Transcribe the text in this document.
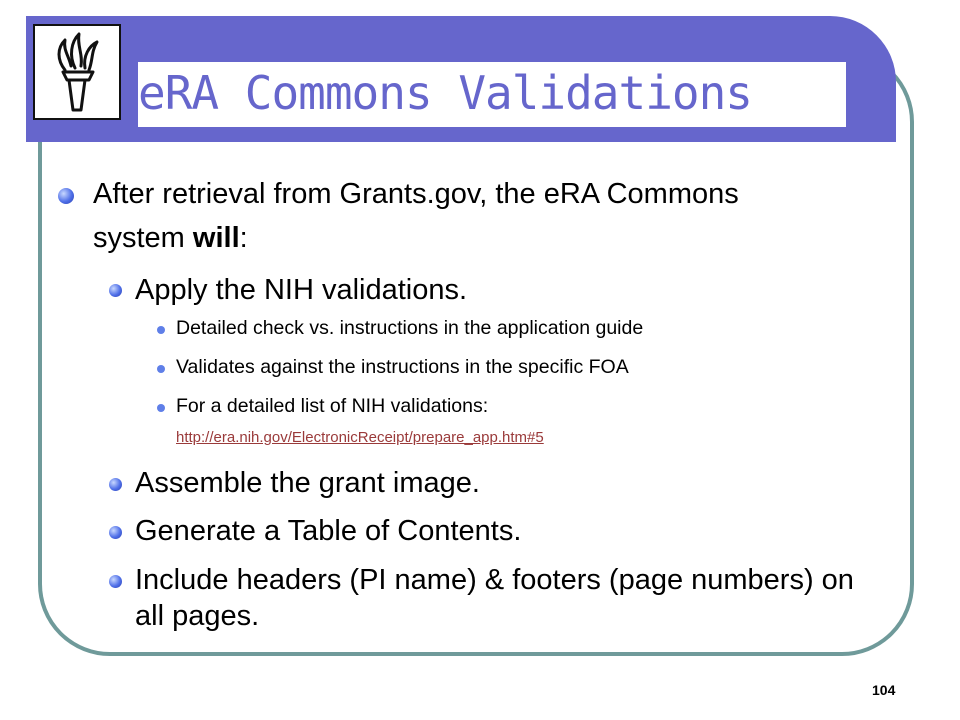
eRA Commons Validations
After retrieval from Grants.gov, the eRA Commons system will:
Apply the NIH validations.
Detailed check vs. instructions in the application guide
Validates against the instructions in the specific FOA
For a detailed list of NIH validations:
http://era.nih.gov/ElectronicReceipt/prepare_app.htm#5
Assemble the grant image.
Generate a Table of Contents.
Include headers (PI name) & footers (page numbers) on all pages.
104
